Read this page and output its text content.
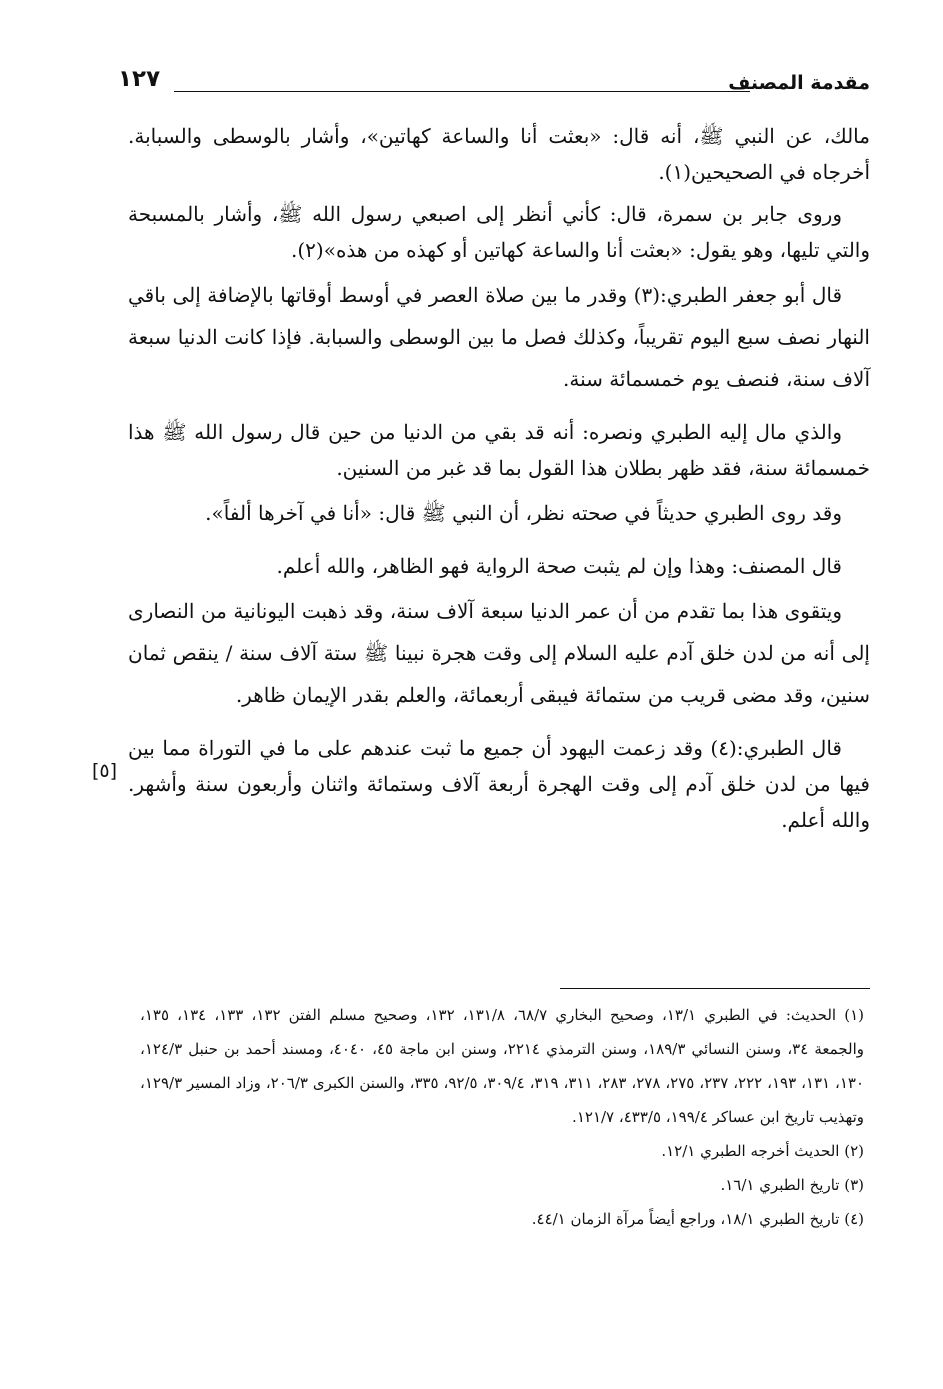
مقدمة المصنف
١٢٧

مالك، عن النبي ﷺ، أنه قال: «بعثت أنا والساعة كهاتين»، وأشار بالوسطى والسبابة. أخرجاه في الصحيحين(١).

وروى جابر بن سمرة، قال: كأني أنظر إلى اصبعي رسول الله ﷺ، وأشار بالمسبحة والتي تليها، وهو يقول: «بعثت أنا والساعة كهاتين أو كهذه من هذه»(٢).

قال أبو جعفر الطبري:(٣) وقدر ما بين صلاة العصر في أوسط أوقاتها بالإضافة إلى باقي النهار نصف سبع اليوم تقريباً، وكذلك فصل ما بين الوسطى والسبابة. فإذا كانت الدنيا سبعة آلاف سنة، فنصف يوم خمسمائة سنة.

والذي مال إليه الطبري ونصره: أنه قد بقي من الدنيا من حين قال رسول الله ﷺ هذا خمسمائة سنة، فقد ظهر بطلان هذا القول بما قد غبر من السنين.

وقد روى الطبري حديثاً في صحته نظر، أن النبي ﷺ قال: «أنا في آخرها ألفاً».

قال المصنف: وهذا وإن لم يثبت صحة الرواية فهو الظاهر، والله أعلم.

ويتقوى هذا بما تقدم من أن عمر الدنيا سبعة آلاف سنة، وقد ذهبت اليونانية من النصارى إلى أنه من لدن خلق آدم عليه السلام إلى وقت هجرة نبينا ﷺ ستة آلاف سنة / ينقص ثمان سنين، وقد مضى قريب من ستمائة فيبقى أربعمائة، والعلم بقدر الإيمان ظاهر.

قال الطبري:(٤) وقد زعمت اليهود أن جميع ما ثبت عندهم على ما في التوراة مما بين فيها من لدن خلق آدم إلى وقت الهجرة أربعة آلاف وستمائة واثنان وأربعون سنة وأشهر. والله أعلم.

[٥]

(١) الحديث: في الطبري ١٣/١، وصحيح البخاري ٦٨/٧، ١٣١/٨، ١٣٢، وصحيح مسلم الفتن ١٣٢، ١٣٣، ١٣٤، ١٣٥، والجمعة ٣٤، وسنن النسائي ١٨٩/٣، وسنن الترمذي ٢٢١٤، وسنن ابن ماجة ٤٥، ٤٠٤٠، ومسند أحمد بن حنبل ١٢٤/٣، ١٣٠، ١٣١، ١٩٣، ٢٢٢، ٢٣٧، ٢٧٥، ٢٧٨، ٢٨٣، ٣١١، ٣١٩، ٣٠٩/٤، ٩٢/٥، ٣٣٥، والسنن الكبرى ٢٠٦/٣، وزاد المسير ١٢٩/٣، وتهذيب تاريخ ابن عساكر ١٩٩/٤، ٤٣٣/٥، ١٢١/٧.

(٢) الحديث أخرجه الطبري ١٢/١.

(٣) تاريخ الطبري ١٦/١.

(٤) تاريخ الطبري ١٨/١، وراجع أيضاً مرآة الزمان ٤٤/١.
